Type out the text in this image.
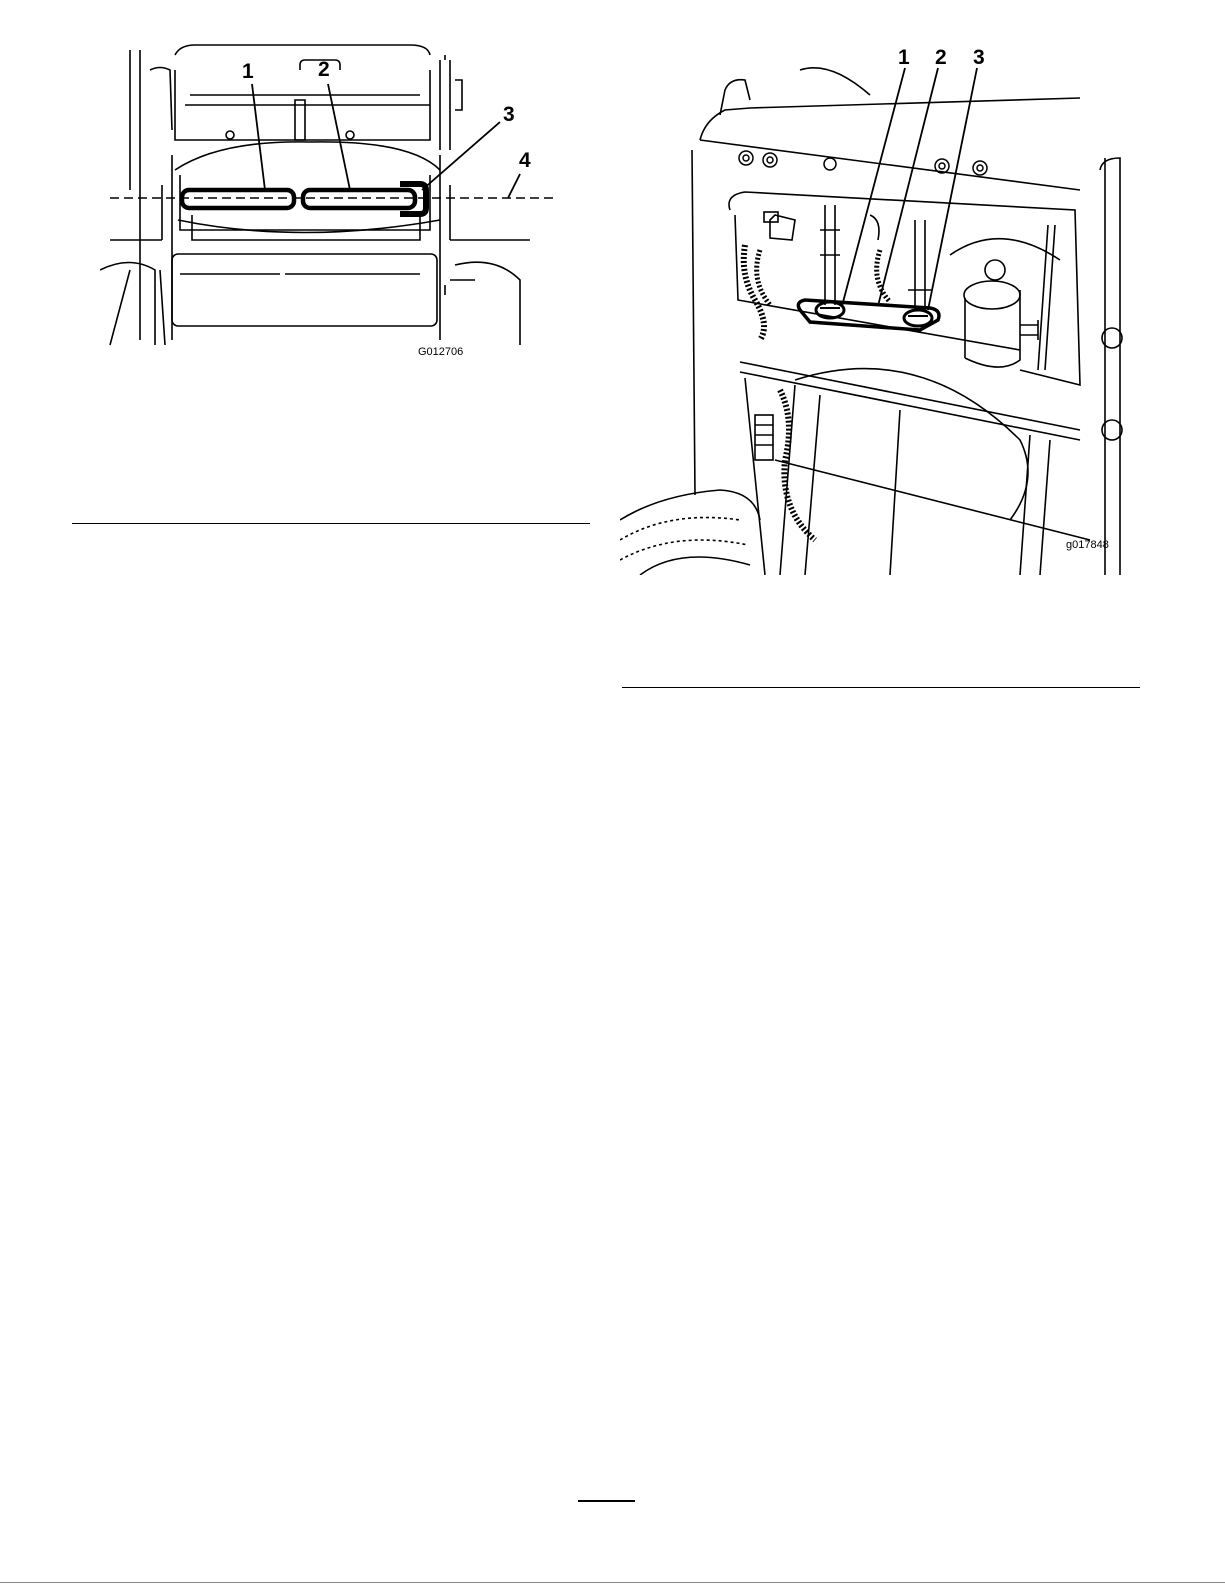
1	2
3
4
G012706
1 2 3
g017848
